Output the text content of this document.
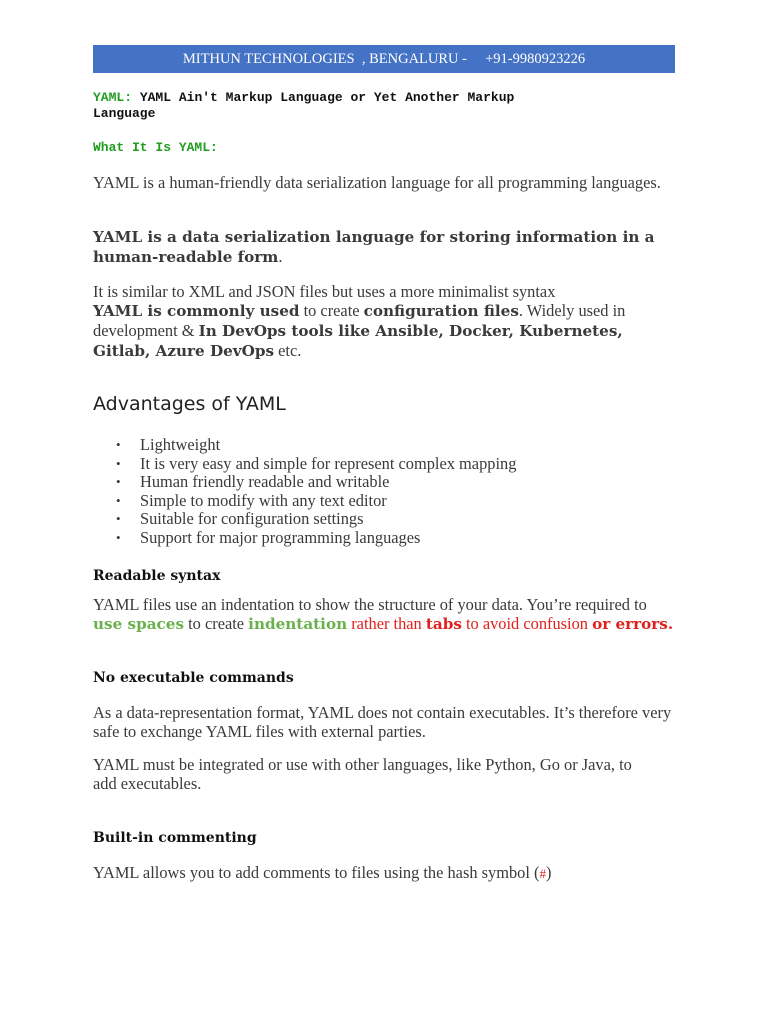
MITHUN TECHNOLOGIES  , BENGALURU -     +91-9980923226
YAML: YAML Ain't Markup Language or Yet Another Markup
Language
What It Is YAML:
YAML is a human-friendly data serialization language for all programming languages.
YAML is a data serialization language for storing information in a human-readable form.
It is similar to XML and JSON files but uses a more minimalist syntax
YAML is commonly used to create configuration files. Widely used in development & In DevOps tools like Ansible, Docker, Kubernetes, Gitlab, Azure DevOps etc.
Advantages of YAML
• Lightweight
• It is very easy and simple for represent complex mapping
• Human friendly readable and writable
• Simple to modify with any text editor
• Suitable for configuration settings
• Support for major programming languages
Readable syntax
YAML files use an indentation to show the structure of your data. You’re required to use spaces to create indentation rather than tabs to avoid confusion or errors.
No executable commands
As a data-representation format, YAML does not contain executables. It’s therefore very safe to exchange YAML files with external parties.
YAML must be integrated or use with other languages, like Python, Go or Java, to add executables.
Built-in commenting
YAML allows you to add comments to files using the hash symbol (#)
